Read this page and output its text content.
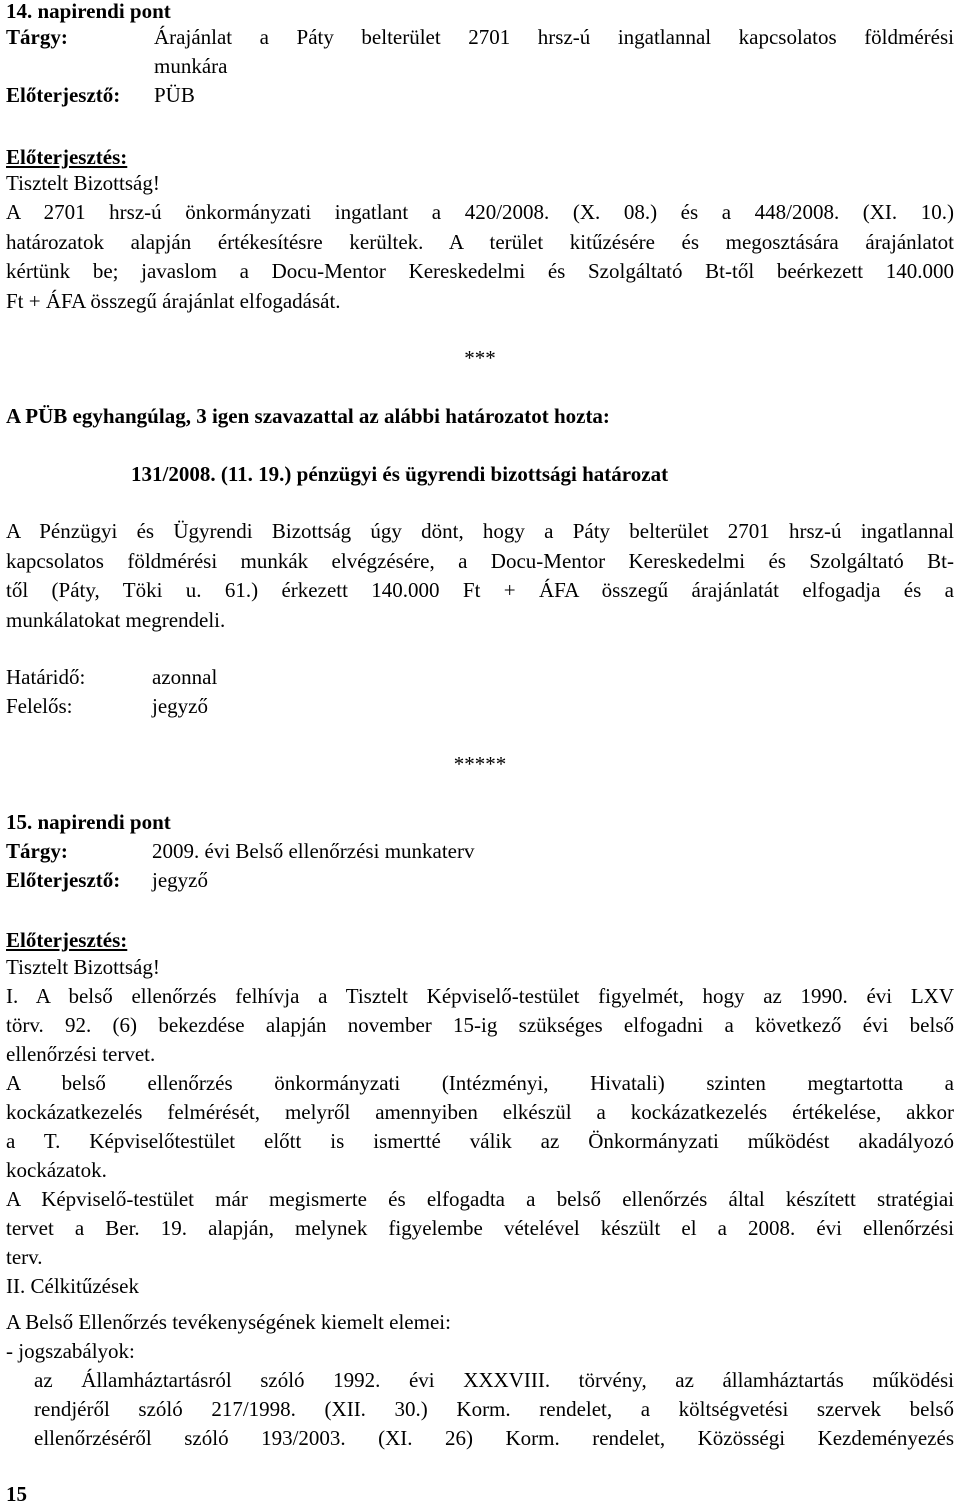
14. napirendi pont
Tárgy:	Árajánlat a Páty belterület 2701 hrsz-ú ingatlannal kapcsolatos földmérési
munkára
Előterjesztő: PÜB
Előterjesztés:
Tisztelt Bizottság!
A 2701 hrsz-ú önkormányzati ingatlant a 420/2008. (X. 08.) és a 448/2008. (XI. 10.)
határozatok alapján értékesítésre kerültek. A terület kitűzésére és megosztására árajánlatot
kértünk be; javaslom a Docu-Mentor Kereskedelmi és Szolgáltató Bt-től beérkezett 140.000
Ft + ÁFA összegű árajánlat elfogadását.
***
A PÜB egyhangúlag, 3 igen szavazattal az alábbi határozatot hozta:
131/2008. (11. 19.) pénzügyi és ügyrendi bizottsági határozat
A Pénzügyi és Ügyrendi Bizottság úgy dönt, hogy a Páty belterület 2701 hrsz-ú ingatlannal
kapcsolatos földmérési munkák elvégzésére, a Docu-Mentor Kereskedelmi és Szolgáltató Bt-
től (Páty, Töki u. 61.) érkezett 140.000 Ft + ÁFA összegű árajánlatát elfogadja és a
munkálatokat megrendeli.
Határidő:	azonnal
Felelős:	jegyző
*****
15. napirendi pont
Tárgy:	2009. évi Belső ellenőrzési munkaterv
Előterjesztő: jegyző
Előterjesztés:
Tisztelt Bizottság!
I. A belső ellenőrzés felhívja a Tisztelt Képviselő-testület figyelmét, hogy az 1990. évi LXV
törv. 92. (6) bekezdése alapján november 15-ig szükséges elfogadni a következő évi belső
ellenőrzési tervet.
A belső ellenőrzés önkormányzati (Intézményi, Hivatali) szinten megtartotta a
kockázatkezelés felmérését, melyről amennyiben elkészül a kockázatkezelés értékelése, akkor
a T. Képviselőtestület előtt is ismertté válik az Önkormányzati működést akadályozó
kockázatok.
A Képviselő-testület már megismerte és elfogadta a belső ellenőrzés által készített stratégiai
tervet a Ber. 19. alapján, melynek figyelembe vételével készült el a 2008. évi ellenőrzési
terv.
II. Célkitűzések
A Belső Ellenőrzés tevékenységének kiemelt elemei:
- jogszabályok:
az Államháztartásról szóló 1992. évi XXXVIII. törvény, az államháztartás működési
rendjéről szóló 217/1998. (XII. 30.) Korm. rendelet, a költségvetési szervek belső
ellenőrzéséről szóló 193/2003. (XI. 26) Korm. rendelet, Közösségi Kezdeményezés
15
